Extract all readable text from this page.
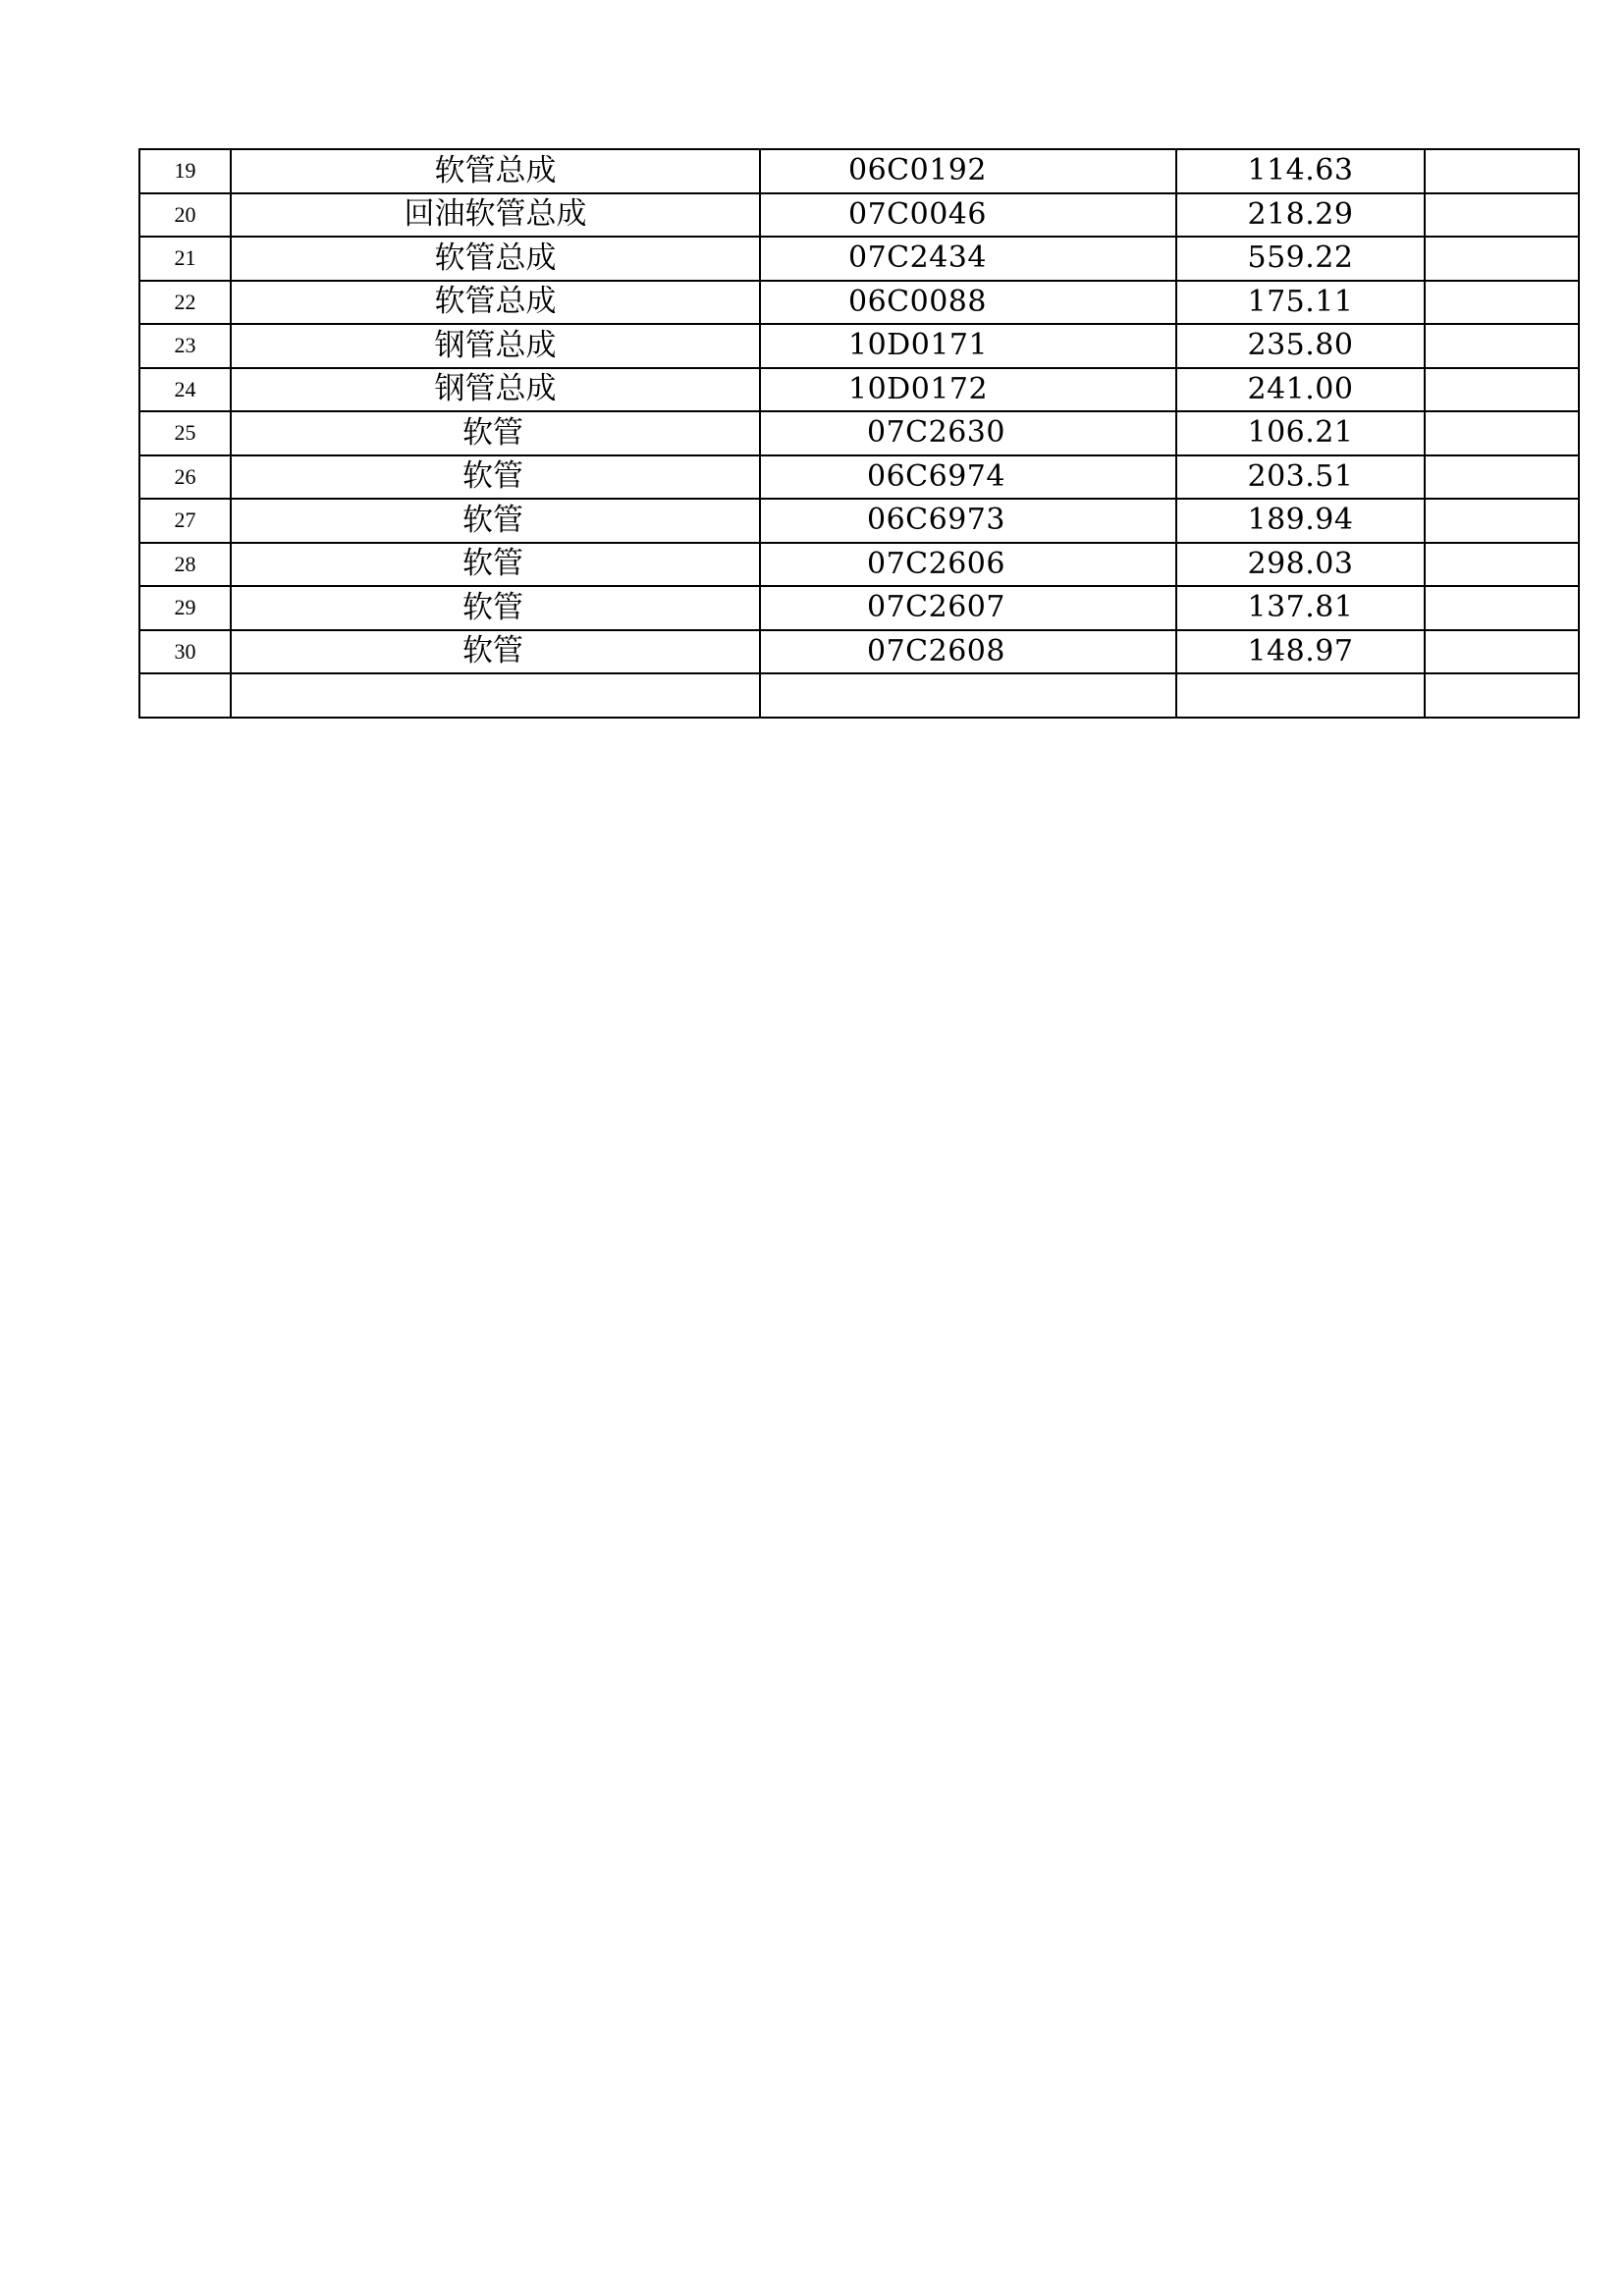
19	软管总成	06C0192	114.63	
20	回油软管总成	07C0046	218.29	
21	软管总成	07C2434	559.22	
22	软管总成	06C0088	175.11	
23	钢管总成	10D0171	235.80	
24	钢管总成	10D0172	241.00	
25	软管	07C2630	106.21	
26	软管	06C6974	203.51	
27	软管	06C6973	189.94	
28	软管	07C2606	298.03	
29	软管	07C2607	137.81	
30	软管	07C2608	148.97	
